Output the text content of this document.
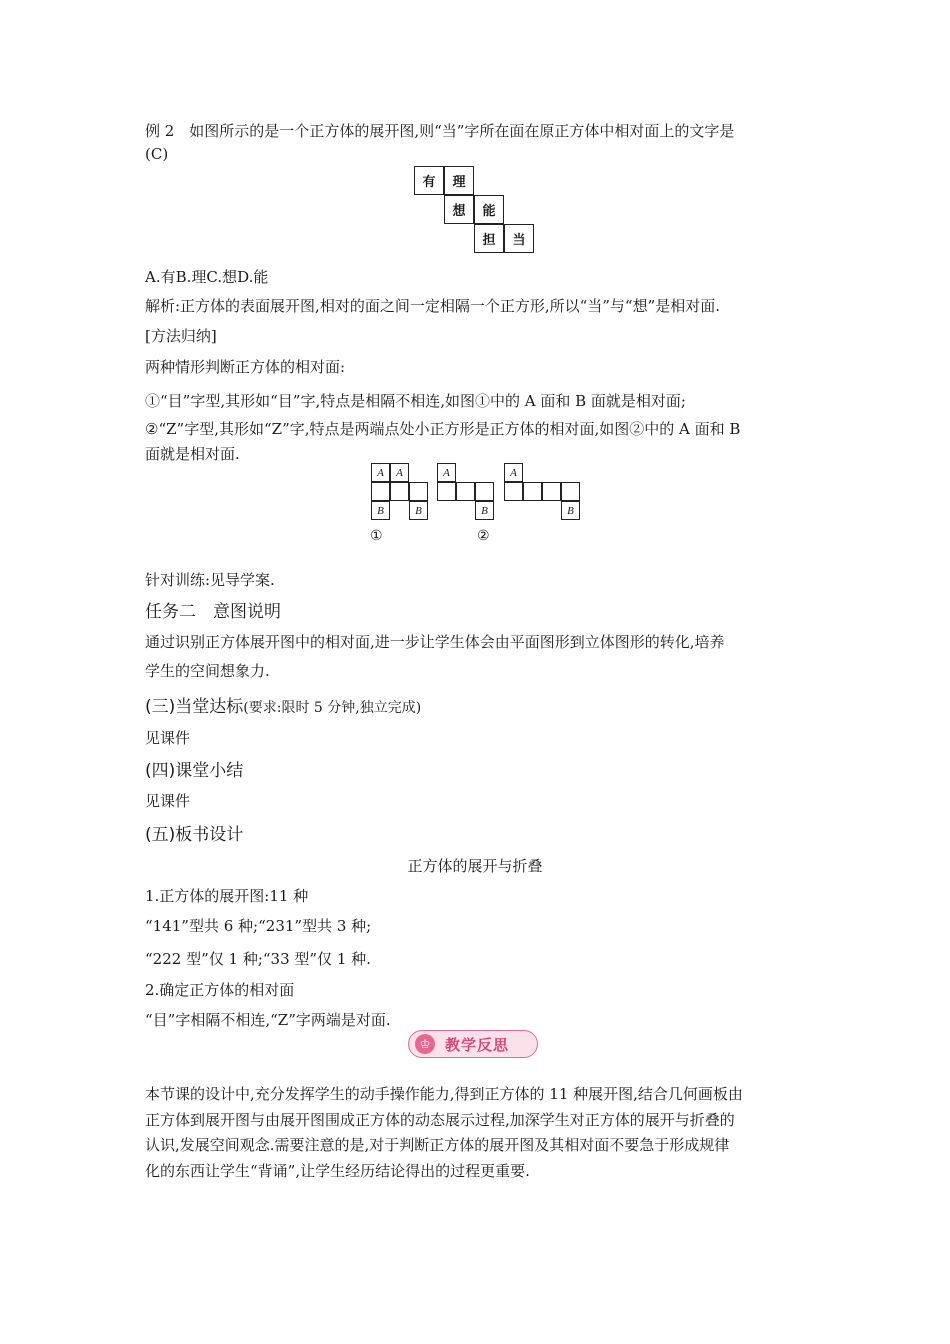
例 2　如图所示的是一个正方体的展开图,则“当”字所在面在原正方体中相对面上的文字是
(C)
有	理
想	能
担	当
A.有B.理C.想D.能
解析:正方体的表面展开图,相对的面之间一定相隔一个正方形,所以“当”与“想”是相对面.
[方法归纳]
两种情形判断正方体的相对面:
①“目”字型,其形如“目”字,特点是相隔不相连,如图①中的 A 面和 B 面就是相对面;
②“Z”字型,其形如“Z”字,特点是两端点处小正方形是正方体的相对面,如图②中的 A 面和 B
面就是相对面.
A
B
A
B
①
A
B
A
B
②
针对训练:见导学案.
任务二　意图说明
通过识别正方体展开图中的相对面,进一步让学生体会由平面图形到立体图形的转化,培养
学生的空间想象力.
(三)当堂达标(要求:限时 5 分钟,独立完成)
见课件
(四)课堂小结
见课件
(五)板书设计
正方体的展开与折叠
1.正方体的展开图:11 种
“141”型共 6 种;“231”型共 3 种;
“222 型”仅 1 种;“33 型”仅 1 种.
2.确定正方体的相对面
“目”字相隔不相连,“Z”字两端是对面.
♔ 教学反思
本节课的设计中,充分发挥学生的动手操作能力,得到正方体的 11 种展开图,结合几何画板由
正方体到展开图与由展开图围成正方体的动态展示过程,加深学生对正方体的展开与折叠的
认识,发展空间观念.需要注意的是,对于判断正方体的展开图及其相对面不要急于形成规律
化的东西让学生“背诵”,让学生经历结论得出的过程更重要.
